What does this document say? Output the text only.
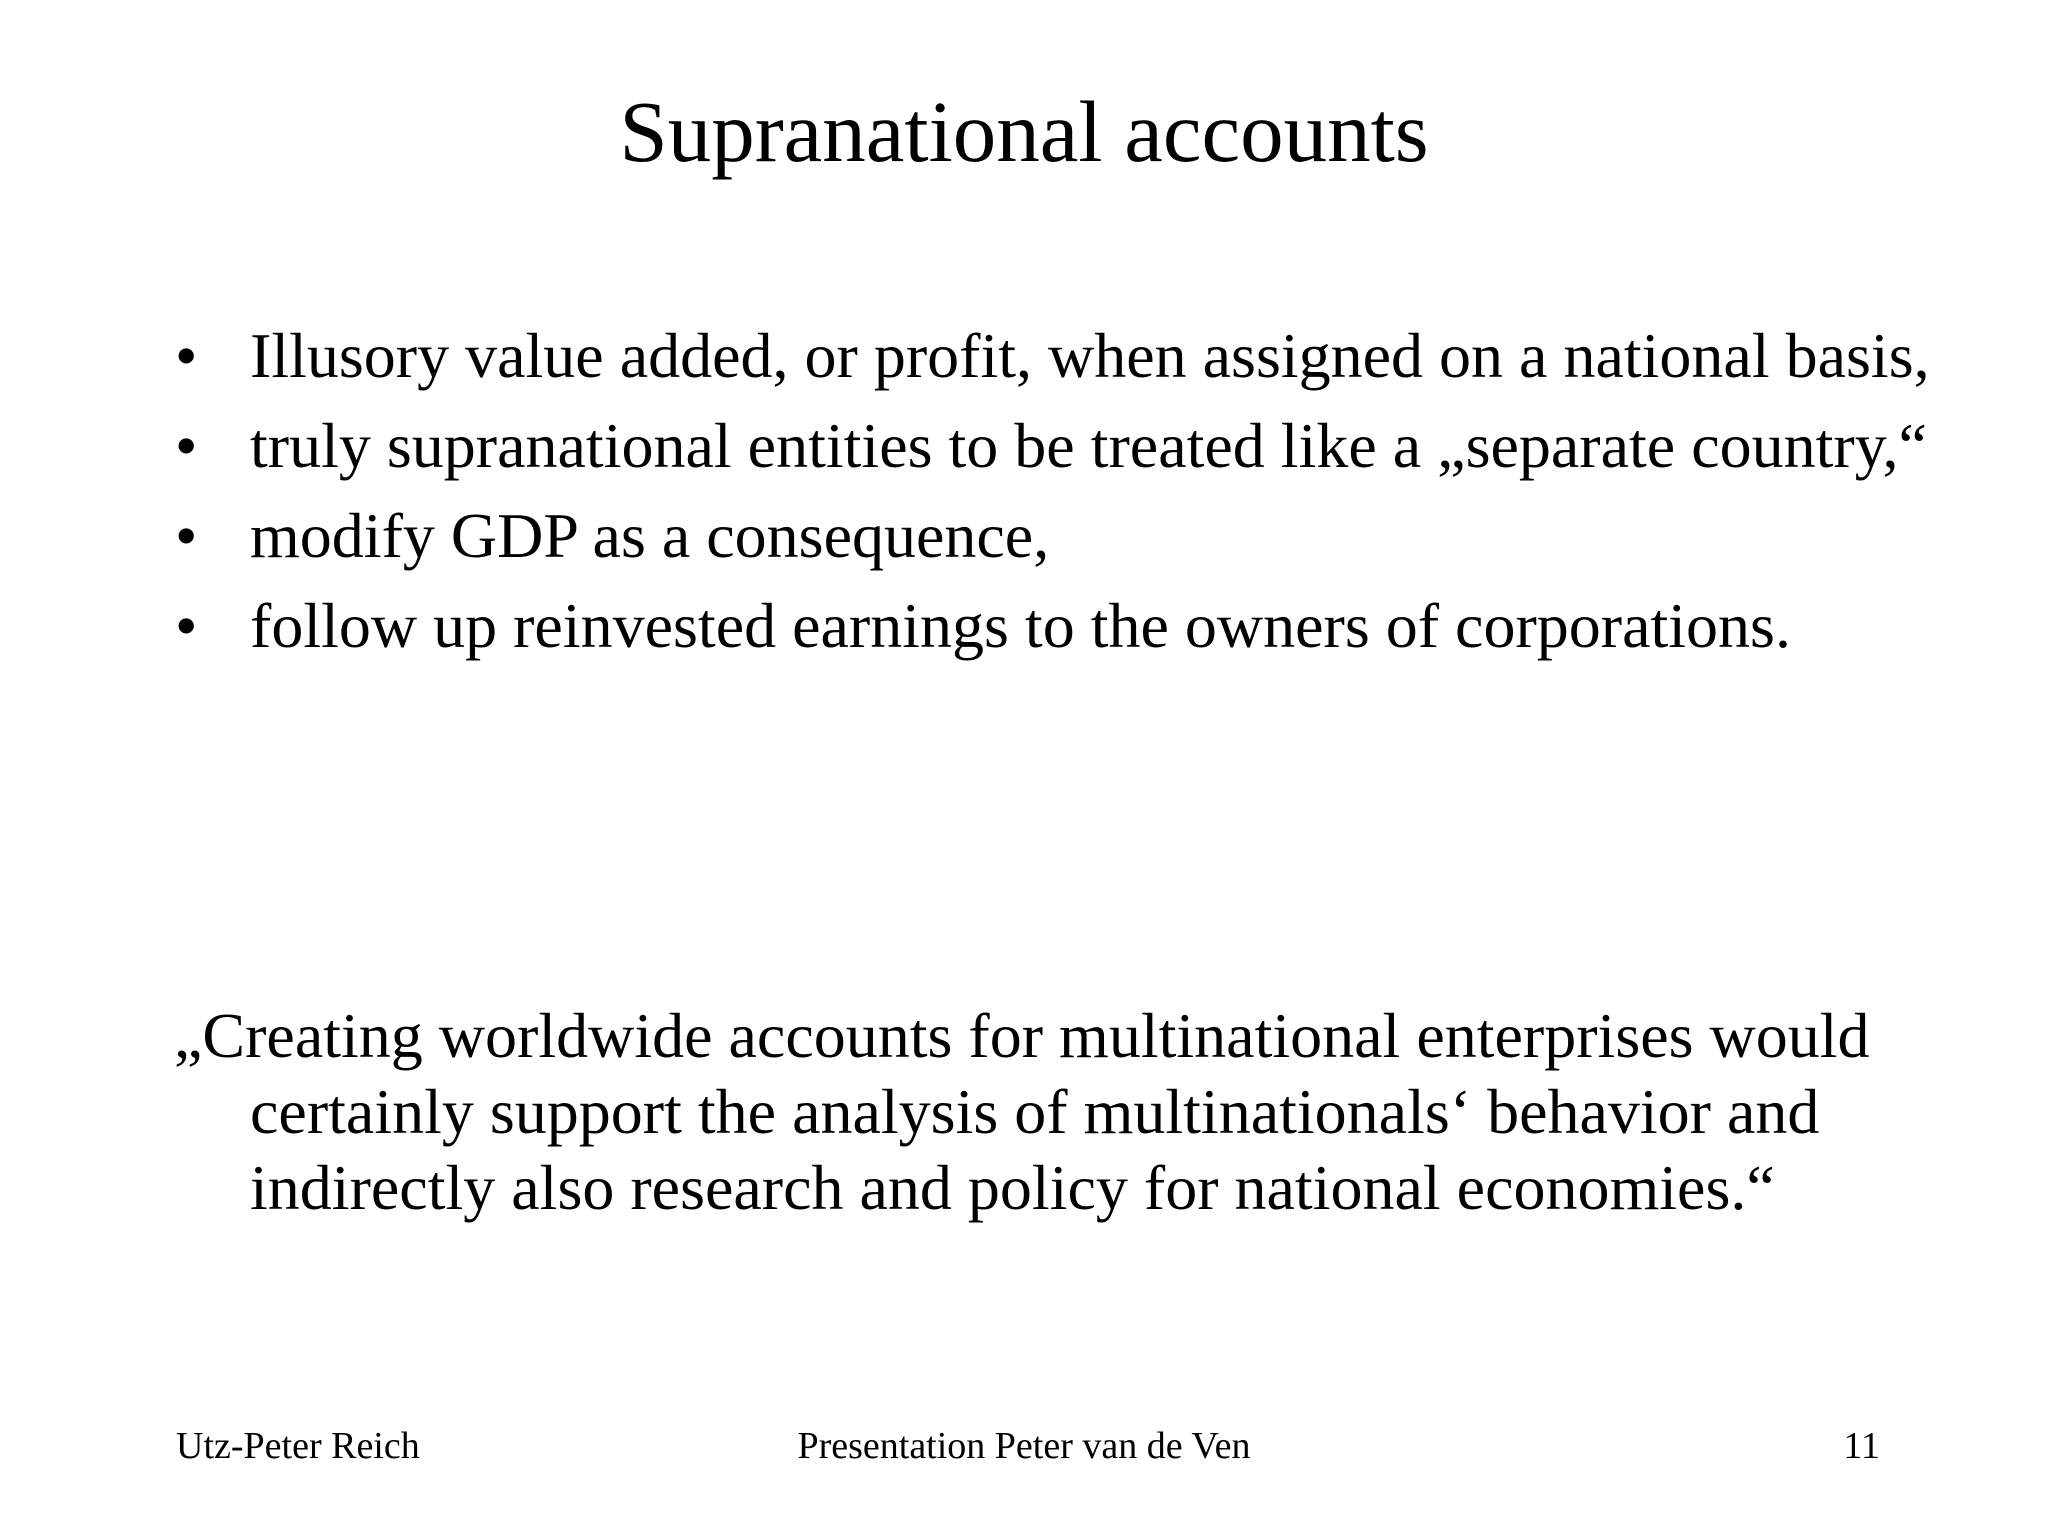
Supranational accounts
• Illusory value added, or profit, when assigned on a national basis,
• truly supranational entities to be treated like a „separate country,“
• modify GDP as a consequence,
• follow up reinvested earnings to the owners of corporations.
„Creating worldwide accounts for multinational enterprises would certainly support the analysis of multinationals‘ behavior and indirectly also research and policy for national economies.“
Utz-Peter Reich	Presentation Peter van de Ven	11
